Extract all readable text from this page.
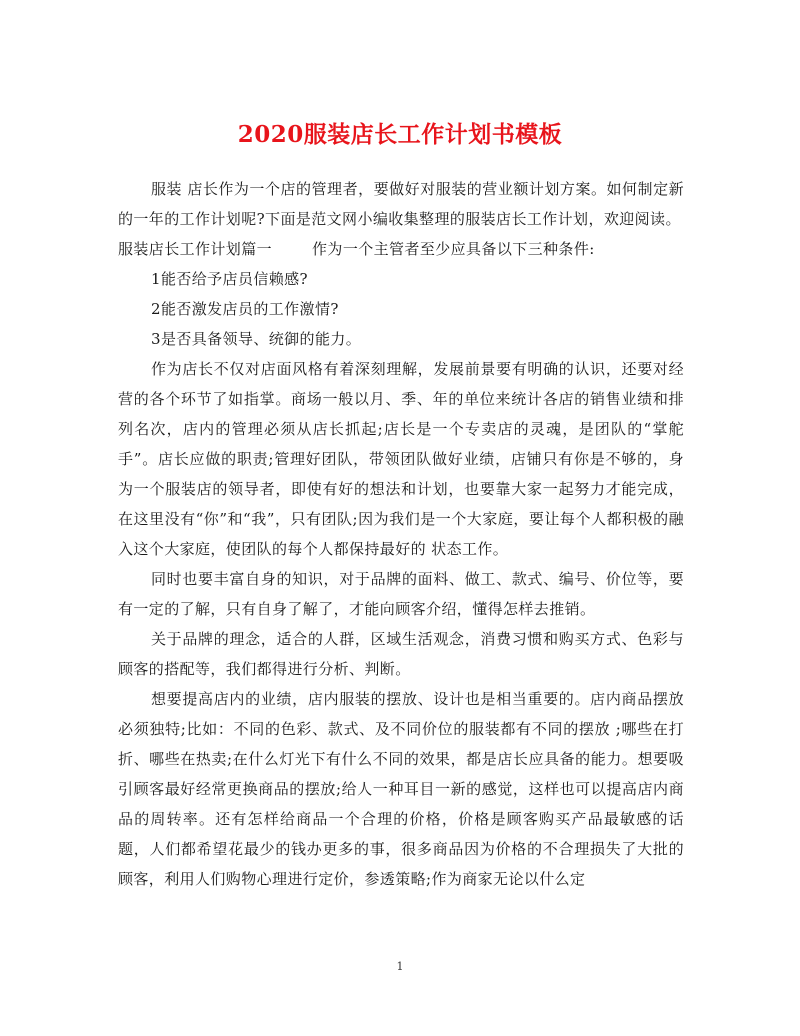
2020服装店长工作计划书模板

服装 店长作为一个店的管理者，要做好对服装的营业额计划方案。如何制定新的一年的工作计划呢?下面是范文网小编收集整理的服装店长工作计划，欢迎阅读。

服装店长工作计划篇一	作为一个主管者至少应具备以下三种条件:

1能否给予店员信赖感?

2能否激发店员的工作激情?

3是否具备领导、统御的能力。

作为店长不仅对店面风格有着深刻理解，发展前景要有明确的认识，还要对经营的各个环节了如指掌。商场一般以月、季、年的单位来统计各店的销售业绩和排列名次，店内的管理必须从店长抓起;店长是一个专卖店的灵魂，是团队的“掌舵手”。店长应做的职责;管理好团队，带领团队做好业绩，店铺只有你是不够的，身为一个服装店的领导者，即使有好的想法和计划，也要靠大家一起努力才能完成，在这里没有“你”和“我”，只有团队;因为我们是一个大家庭，要让每个人都积极的融入这个大家庭，使团队的每个人都保持最好的 状态工作。

同时也要丰富自身的知识，对于品牌的面料、做工、款式、编号、价位等，要有一定的了解，只有自身了解了，才能向顾客介绍，懂得怎样去推销。

关于品牌的理念，适合的人群，区域生活观念，消费习惯和购买方式、色彩与顾客的搭配等，我们都得进行分析、判断。

想要提高店内的业绩，店内服装的摆放、设计也是相当重要的。店内商品摆放必须独特;比如：不同的色彩、款式、及不同价位的服装都有不同的摆放 ;哪些在打折、哪些在热卖;在什么灯光下有什么不同的效果，都是店长应具备的能力。想要吸引顾客最好经常更换商品的摆放;给人一种耳目一新的感觉，这样也可以提高店内商品的周转率。还有怎样给商品一个合理的价格，价格是顾客购买产品最敏感的话题，人们都希望花最少的钱办更多的事，很多商品因为价格的不合理损失了大批的顾客，利用人们购物心理进行定价，参透策略;作为商家无论以什么定

1
